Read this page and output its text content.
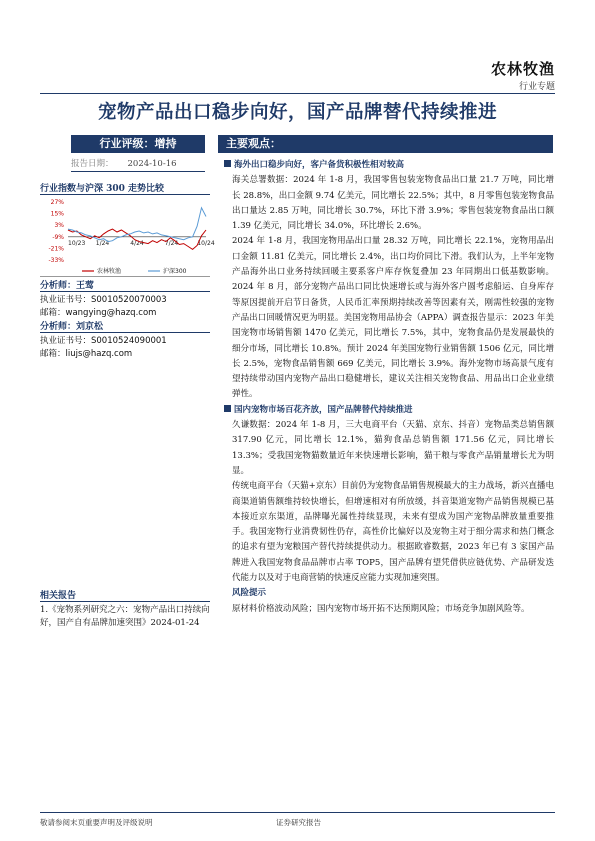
农林牧渔
行业专题
宠物产品出口稳步向好，国产品牌替代持续推进
行业评级：增持
报告日期： 2024-10-16
行业指数与沪深 300 走势比较
27%
15%
3%
-9%
-21%
-33%
10/23 1/24	4/24	7/24	10/24
农林牧渔	沪深300
分析师：王莺
执业证书号：S0010520070003
邮箱：wangying@hazq.com
分析师：刘京松
执业证书号：S0010524090001
邮箱：liujs@hazq.com
相关报告
1.《宠物系列研究之六：宠物产品出口持续向好，国产自有品牌加速突围》2024-01-24
主要观点：

海外出口稳步向好，客户备货积极性相对较高

海关总署数据：2024 年 1-8 月，我国零售包装宠物食品出口量 21.7 万吨，同比增长 28.8%，出口金额 9.74 亿美元，同比增长 22.5%；其中，8 月零售包装宠物食品出口量达 2.85 万吨，同比增长 30.7%，环比下滑 3.9%；零售包装宠物食品出口额 1.39 亿美元，同比增长 34.0%，环比增长 2.6%。

2024 年 1-8 月，我国宠物用品出口量 28.32 万吨，同比增长 22.1%，宠物用品出口金额 11.81 亿美元，同比增长 2.4%，出口均价同比下滑。我们认为，上半年宠物产品海外出口业务持续回暖主要系客户库存恢复叠加 23 年同期出口低基数影响。2024 年 8 月，部分宠物产品出口同比快速增长或与海外客户圆考虑船运、自身库存等原因提前开启节日备货，人民币汇率预期持续改善等因素有关，刚需性较强的宠物产品出口回暖情况更为明显。美国宠物用品协会（APPA）调查报告显示：2023 年美国宠物市场销售额 1470 亿美元，同比增长 7.5%，其中，宠物食品仍是发展最快的细分市场，同比增长 10.8%。预计 2024 年美国宠物行业销售额 1506 亿元，同比增长 2.5%，宠物食品销售额 669 亿美元，同比增长 3.9%。海外宠物市场高景气度有望持续带动国内宠物产品出口稳健增长，建议关注相关宠物食品、用品出口企业业绩弹性。

国内宠物市场百花齐放，国产品牌替代持续推进

久谦数据：2024 年 1-8 月，三大电商平台（天猫、京东、抖音）宠物品类总销售额 317.90 亿元，同比增长 12.1%，猫狗食品总销售额 171.56 亿元，同比增长 13.3%；受我国宠物猫数量近年来快速增长影响，猫干粮与零食产品销量增长尤为明显。

传统电商平台（天猫+京东）目前仍为宠物食品销售规模最大的主力战场，新兴直播电商渠道销售额维持较快增长，但增速相对有所放缓，抖音渠道宠物产品销售规模已基本接近京东渠道，品牌曝光属性持续显现，未来有望成为国产宠物品牌放量重要推手。我国宠物行业消费韧性仍存，高性价比偏好以及宠物主对于细分需求和热门概念的追求有望为宠粮国产替代持续提供动力。根据欧睿数据，2023 年已有 3 家国产品牌进入我国宠物食品品牌市占率 TOP5，国产品牌有望凭借供应链优势、产品研发迭代能力以及对于电商营销的快速反应能力实现加速突围。

风险提示

原材料价格波动风险；国内宠物市场开拓不达预期风险；市场竞争加剧风险等。

敬请参阅末页重要声明及评级说明	证券研究报告
